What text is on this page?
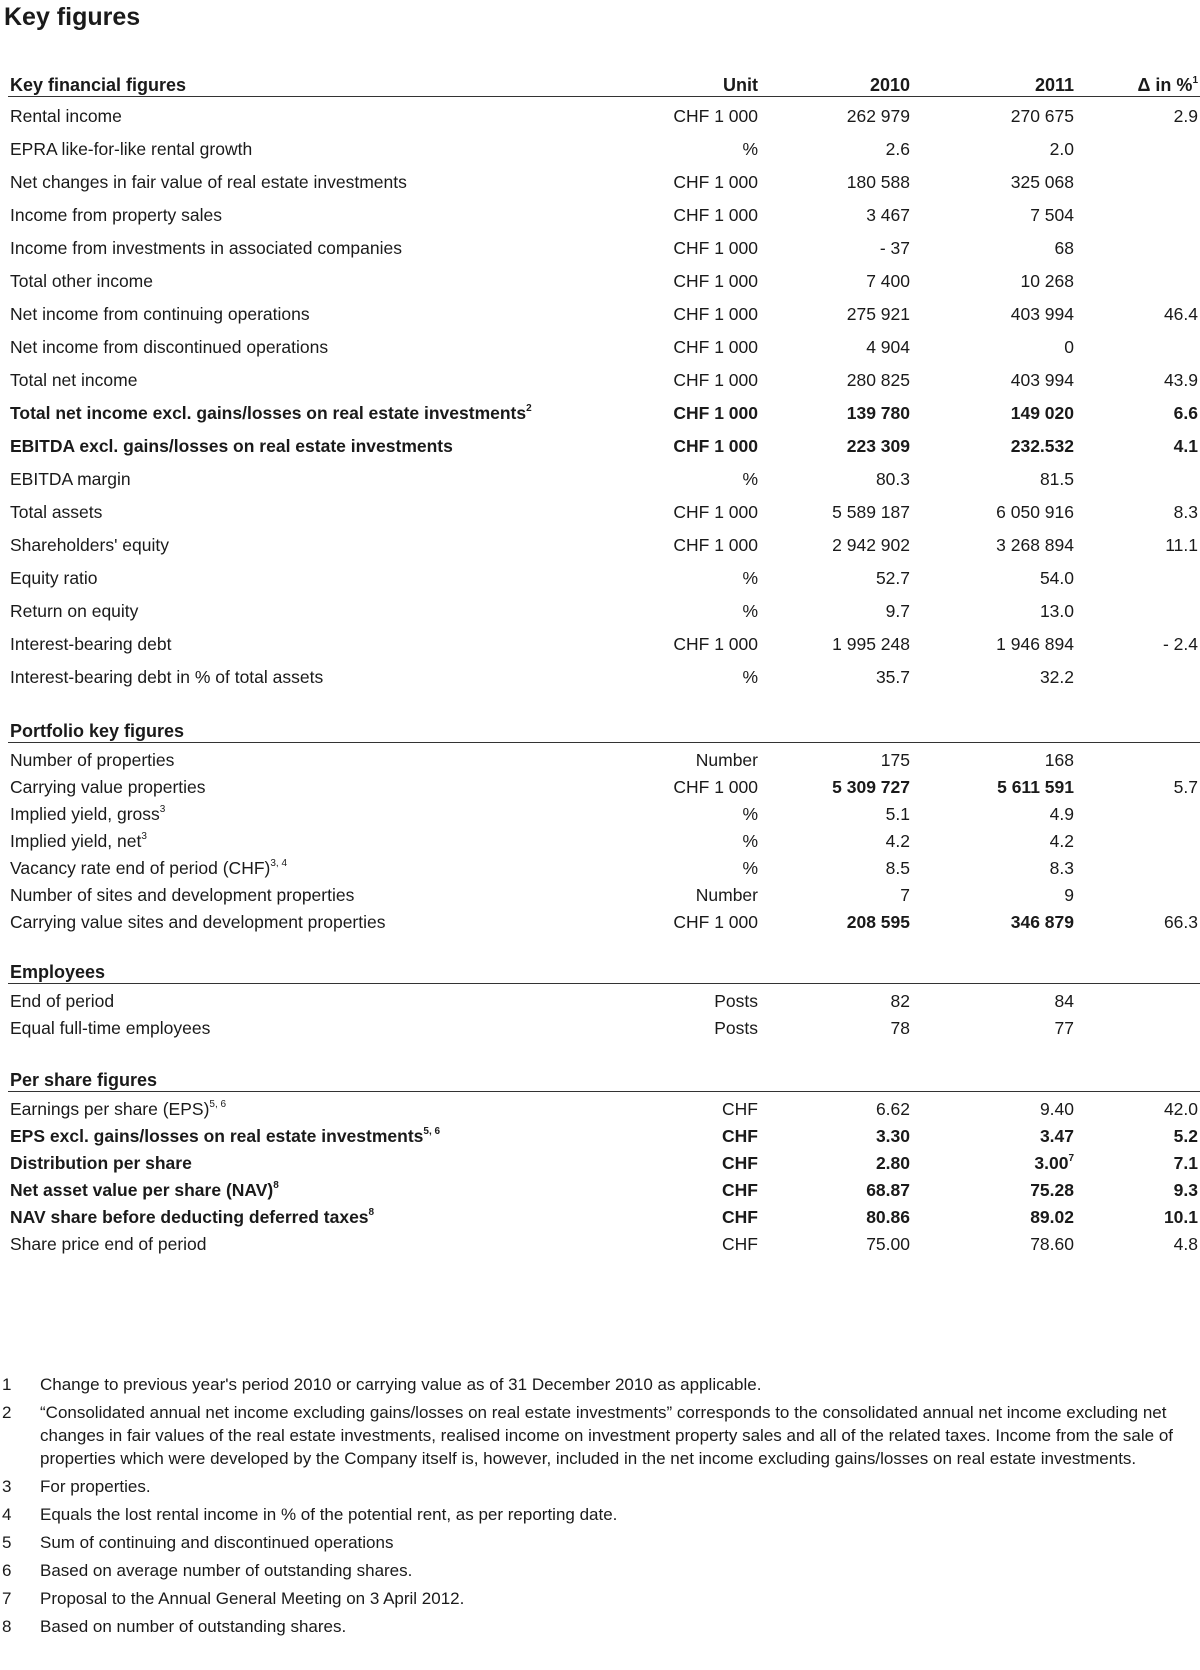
Key figures
Key financial figures	Unit	2010	2011	Δ in %$^1$
Rental income	CHF 1 000	262 979	270 675	2.9
EPRA like-for-like rental growth	%	2.6	2.0
Net changes in fair value of real estate investments	CHF 1 000	180 588	325 068
Income from property sales	CHF 1 000	3 467	7 504
Income from investments in associated companies	CHF 1 000	- 37	68
Total other income	CHF 1 000	7 400	10 268
Net income from continuing operations	CHF 1 000	275 921	403 994	46.4
Net income from discontinued operations	CHF 1 000	4 904	0
Total net income	CHF 1 000	280 825	403 994	43.9
Total net income excl. gains/losses on real estate investments$^2$	CHF 1 000	139 780	149 020	6.6
EBITDA excl. gains/losses on real estate investments	CHF 1 000	223 309	232.532	4.1
EBITDA margin	%	80.3	81.5
Total assets	CHF 1 000	5 589 187	6 050 916	8.3
Shareholders' equity	CHF 1 000	2 942 902	3 268 894	11.1
Equity ratio	%	52.7	54.0
Return on equity	%	9.7	13.0
Interest-bearing debt	CHF 1 000	1 995 248	1 946 894	- 2.4
Interest-bearing debt in % of total assets	%	35.7	32.2
Portfolio key figures
Number of properties	Number	175	168
Carrying value properties	CHF 1 000	5 309 727	5 611 591	5.7
Implied yield, gross$^3$	%	5.1	4.9
Implied yield, net$^3$	%	4.2	4.2
Vacancy rate end of period (CHF)$^{3, 4}$	%	8.5	8.3
Number of sites and development properties	Number	7	9
Carrying value sites and development properties	CHF 1 000	208 595	346 879	66.3
Employees
End of period	Posts	82	84
Equal full-time employees	Posts	78	77
Per share figures
Earnings per share (EPS)$^{5, 6}$	CHF	6.62	9.40	42.0
EPS excl. gains/losses on real estate investments$^{5, 6}$	CHF	3.30	3.47	5.2
Distribution per share	CHF	2.80	3.00$^7$	7.1
Net asset value per share (NAV)$^8$	CHF	68.87	75.28	9.3
NAV share before deducting deferred taxes$^8$	CHF	80.86	89.02	10.1
Share price end of period	CHF	75.00	78.60	4.8
1 Change to previous year's period 2010 or carrying value as of 31 December 2010 as applicable.
2 “Consolidated annual net income excluding gains/losses on real estate investments” corresponds to the consolidated annual net income excluding net changes in fair values of the real estate investments, realised income on investment property sales and all of the related taxes. Income from the sale of properties which were developed by the Company itself is, however, included in the net income excluding gains/losses on real estate investments.
3 For properties.
4 Equals the lost rental income in % of the potential rent, as per reporting date.
5 Sum of continuing and discontinued operations
6 Based on average number of outstanding shares.
7 Proposal to the Annual General Meeting on 3 April 2012.
8 Based on number of outstanding shares.
